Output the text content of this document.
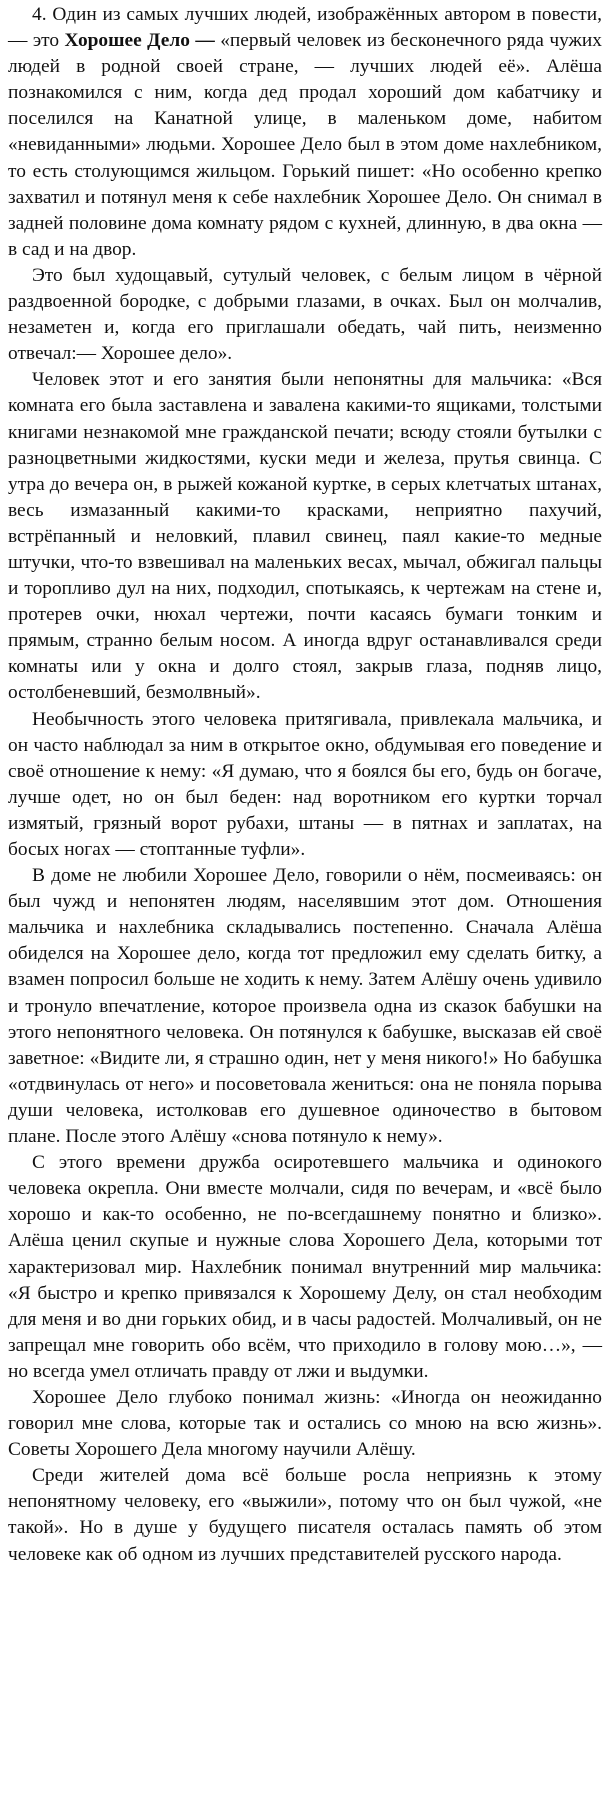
4. Один из самых лучших людей, изображённых автором в повести, — это Хорошее Дело — «первый человек из бесконечного ряда чужих людей в родной своей стране, — лучших людей её». Алёша познакомился с ним, когда дед продал хороший дом кабатчику и поселился на Канатной улице, в маленьком доме, набитом «невиданными» людьми. Хорошее Дело был в этом доме нахлебником, то есть столующимся жильцом. Горький пишет: «Но особенно крепко захватил и потянул меня к себе нахлебник Хорошее Дело. Он снимал в задней половине дома комнату рядом с кухней, длинную, в два окна — в сад и на двор.

Это был худощавый, сутулый человек, с белым лицом в чёрной раздвоенной бородке, с добрыми глазами, в очках. Был он молчалив, незаметен и, когда его приглашали обедать, чай пить, неизменно отвечал:— Хорошее дело».

Человек этот и его занятия были непонятны для мальчика: «Вся комната его была заставлена и завалена какими-то ящиками, толстыми книгами незнакомой мне гражданской печати; всюду стояли бутылки с разноцветными жидкостями, куски меди и железа, прутья свинца. С утра до вечера он, в рыжей кожаной куртке, в серых клетчатых штанах, весь измазанный какими-то красками, неприятно пахучий, встрёпанный и неловкий, плавил свинец, паял какие-то медные штучки, что-то взвешивал на маленьких весах, мычал, обжигал пальцы и торопливо дул на них, подходил, спотыкаясь, к чертежам на стене и, протерев очки, нюхал чертежи, почти касаясь бумаги тонким и прямым, странно белым носом. А иногда вдруг останавливался среди комнаты или у окна и долго стоял, закрыв глаза, подняв лицо, остолбеневший, безмолвный».

Необычность этого человека притягивала, привлекала мальчика, и он часто наблюдал за ним в открытое окно, обдумывая его поведение и своё отношение к нему: «Я думаю, что я боялся бы его, будь он богаче, лучше одет, но он был беден: над воротником его куртки торчал измятый, грязный ворот рубахи, штаны — в пятнах и заплатах, на босых ногах — стоптанные туфли».

В доме не любили Хорошее Дело, говорили о нём, посмеиваясь: он был чужд и непонятен людям, населявшим этот дом. Отношения мальчика и нахлебника складывались постепенно. Сначала Алёша обиделся на Хорошее дело, когда тот предложил ему сделать битку, а взамен попросил больше не ходить к нему. Затем Алёшу очень удивило и тронуло впечатление, которое произвела одна из сказок бабушки на этого непонятного человека. Он потянулся к бабушке, высказав ей своё заветное: «Видите ли, я страшно один, нет у меня никого!» Но бабушка «отдвинулась от него» и посоветовала жениться: она не поняла порыва души человека, истолковав его душевное одиночество в бытовом плане. После этого Алёшу «снова потянуло к нему».

С этого времени дружба осиротевшего мальчика и одинокого человека окрепла. Они вместе молчали, сидя по вечерам, и «всё было хорошо и как-то особенно, не по-всегдашнему понятно и близко». Алёша ценил скупые и нужные слова Хорошего Дела, которыми тот характеризовал мир. Нахлебник понимал внутренний мир мальчика: «Я быстро и крепко привязался к Хорошему Делу, он стал необходим для меня и во дни горьких обид, и в часы радостей. Молчаливый, он не запрещал мне говорить обо всём, что приходило в голову мою…», — но всегда умел отличать правду от лжи и выдумки.

Хорошее Дело глубоко понимал жизнь: «Иногда он неожиданно говорил мне слова, которые так и остались со мною на всю жизнь». Советы Хорошего Дела многому научили Алёшу.

Среди жителей дома всё больше росла неприязнь к этому непонятному человеку, его «выжили», потому что он был чужой, «не такой». Но в душе у будущего писателя осталась память об этом человеке как об одном из лучших представителей русского народа.
